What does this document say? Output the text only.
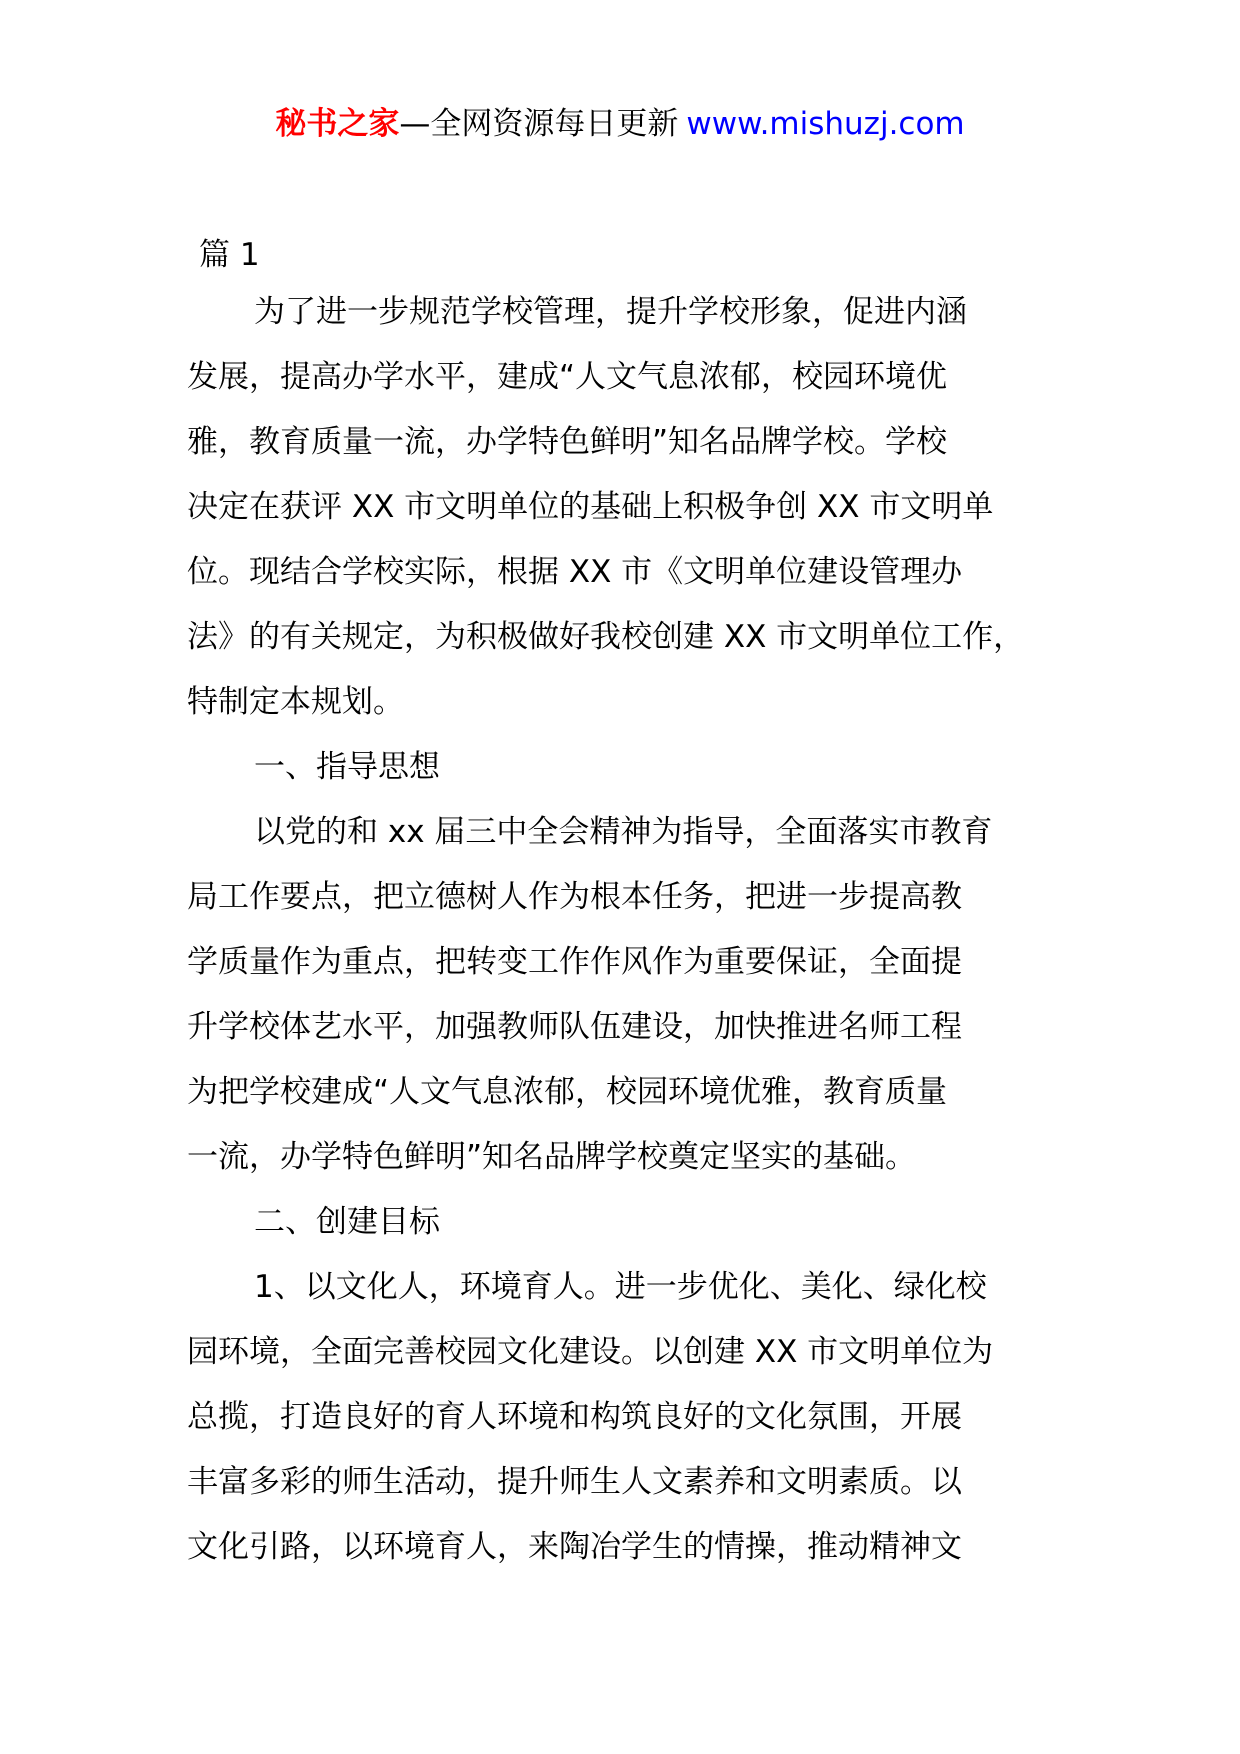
秘书之家—全网资源每日更新 www.mishuzj.com
篇 1
为了进一步规范学校管理，提升学校形象，促进内涵
发展，提高办学水平，建成“人文气息浓郁，校园环境优
雅，教育质量一流，办学特色鲜明”知名品牌学校。学校
决定在获评 XX 市文明单位的基础上积极争创 XX 市文明单
位。现结合学校实际，根据 XX 市《文明单位建设管理办
法》的有关规定，为积极做好我校创建 XX 市文明单位工作，
特制定本规划。
一、指导思想
以党的和 xx 届三中全会精神为指导，全面落实市教育
局工作要点，把立德树人作为根本任务，把进一步提高教
学质量作为重点，把转变工作作风作为重要保证，全面提
升学校体艺水平，加强教师队伍建设，加快推进名师工程
为把学校建成“人文气息浓郁，校园环境优雅，教育质量
一流，办学特色鲜明”知名品牌学校奠定坚实的基础。
二、创建目标
1、以文化人，环境育人。进一步优化、美化、绿化校
园环境，全面完善校园文化建设。以创建 XX 市文明单位为
总揽，打造良好的育人环境和构筑良好的文化氛围，开展
丰富多彩的师生活动，提升师生人文素养和文明素质。以
文化引路，以环境育人，来陶冶学生的情操，推动精神文
